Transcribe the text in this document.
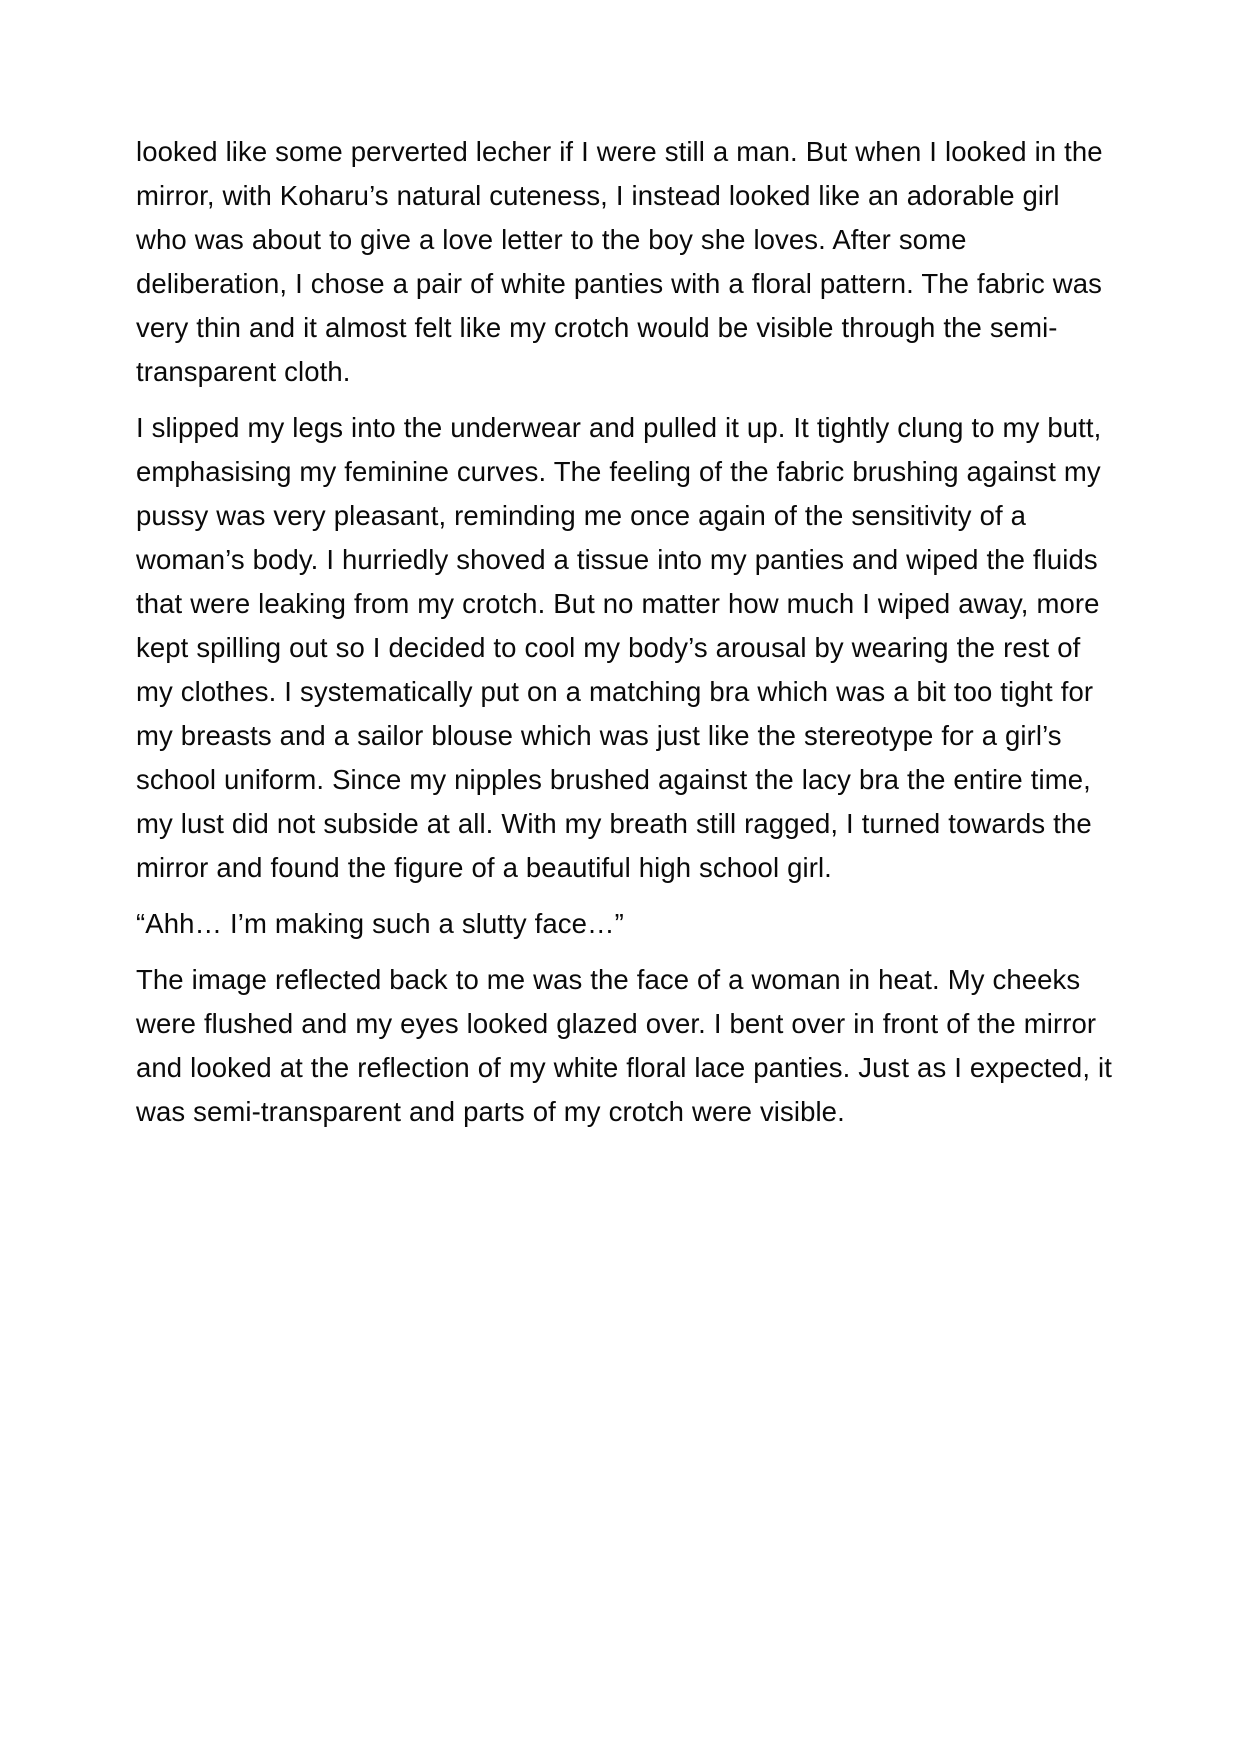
looked like some perverted lecher if I were still a man. But when I looked in the mirror, with Koharu’s natural cuteness, I instead looked like an adorable girl who was about to give a love letter to the boy she loves. After some deliberation, I chose a pair of white panties with a floral pattern. The fabric was very thin and it almost felt like my crotch would be visible through the semi-transparent cloth.

I slipped my legs into the underwear and pulled it up. It tightly clung to my butt, emphasising my feminine curves. The feeling of the fabric brushing against my pussy was very pleasant, reminding me once again of the sensitivity of a woman’s body. I hurriedly shoved a tissue into my panties and wiped the fluids that were leaking from my crotch. But no matter how much I wiped away, more kept spilling out so I decided to cool my body’s arousal by wearing the rest of my clothes. I systematically put on a matching bra which was a bit too tight for my breasts and a sailor blouse which was just like the stereotype for a girl’s school uniform. Since my nipples brushed against the lacy bra the entire time, my lust did not subside at all. With my breath still ragged, I turned towards the mirror and found the figure of a beautiful high school girl.

“Ahh… I’m making such a slutty face…”

The image reflected back to me was the face of a woman in heat. My cheeks were flushed and my eyes looked glazed over. I bent over in front of the mirror and looked at the reflection of my white floral lace panties. Just as I expected, it was semi-transparent and parts of my crotch were visible.
